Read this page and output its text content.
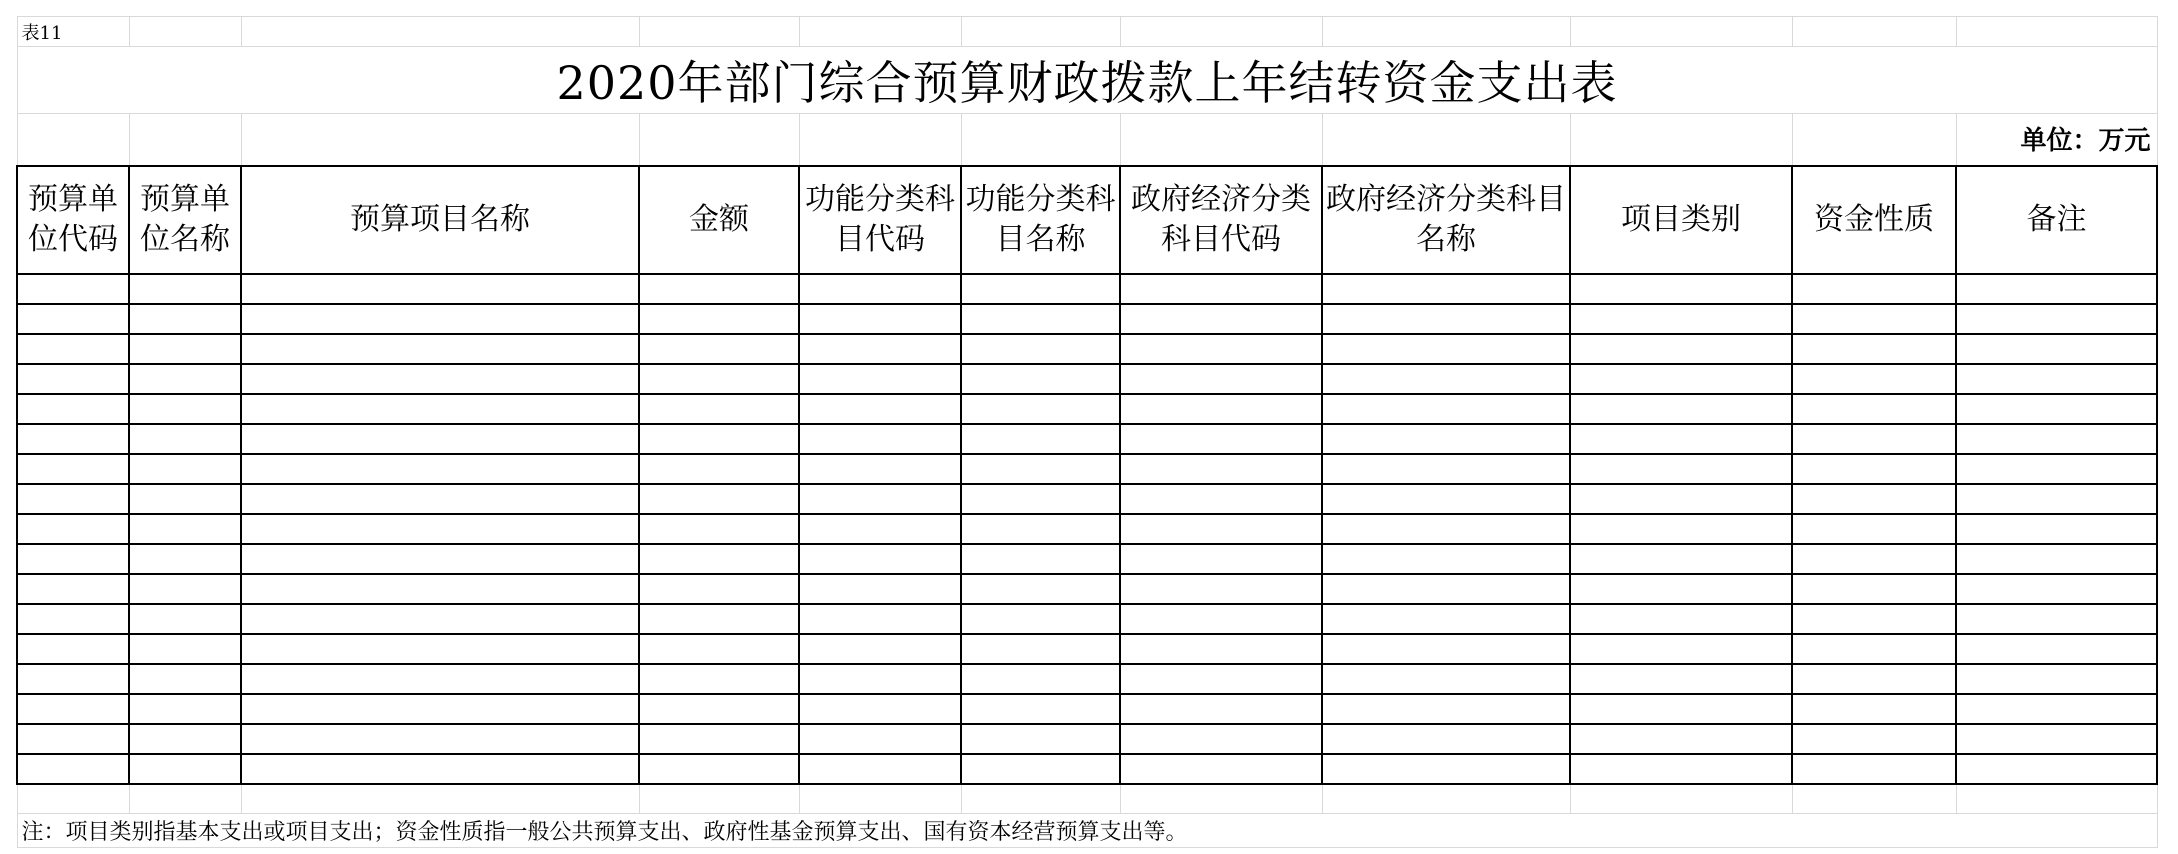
表11										
2020年部门综合预算财政拨款上年结转资金支出表										
										单位：万元
预算单位代码	预算单位名称	预算项目名称	金额	功能分类科目代码	功能分类科目名称	政府经济分类科目代码	政府经济分类科目名称	项目类别	资金性质	备注

注：项目类别指基本支出或项目支出；资金性质指一般公共预算支出、政府性基金预算支出、国有资本经营预算支出等。										
